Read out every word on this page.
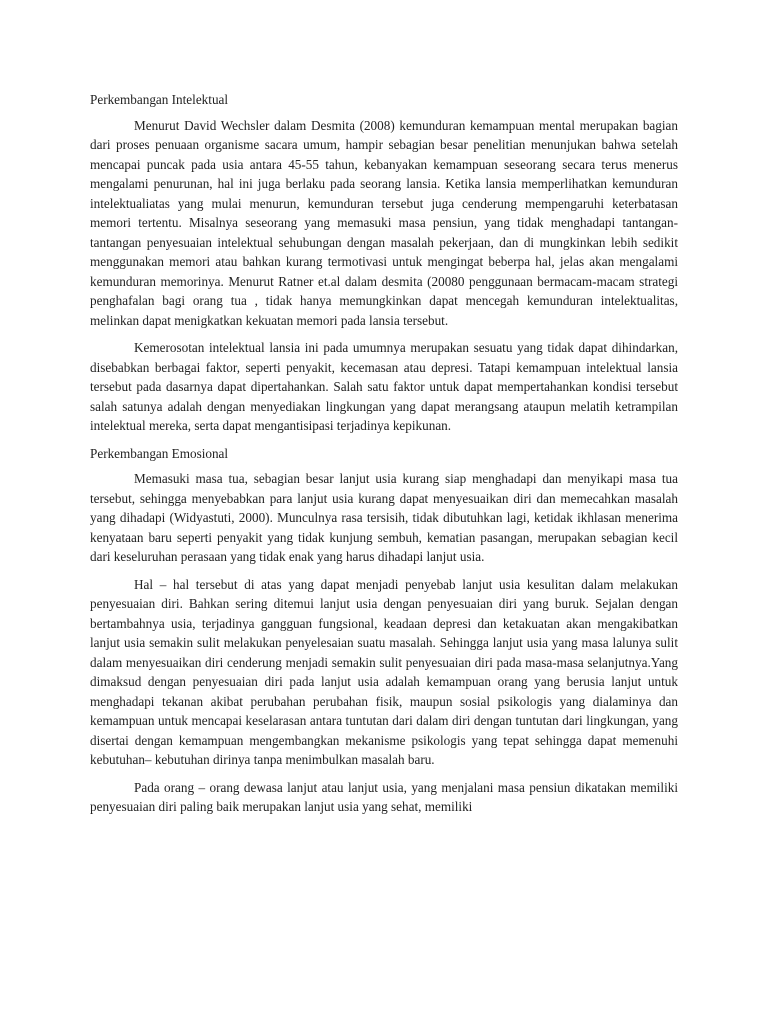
Perkembangan Intelektual

Menurut David Wechsler dalam Desmita (2008) kemunduran kemampuan mental merupakan bagian dari proses penuaan organisme sacara umum, hampir sebagian besar penelitian menunjukan bahwa setelah mencapai puncak pada usia antara 45-55 tahun, kebanyakan kemampuan seseorang secara terus menerus mengalami penurunan, hal ini juga berlaku pada seorang lansia. Ketika lansia memperlihatkan kemunduran intelektualiatas yang mulai menurun, kemunduran tersebut juga cenderung mempengaruhi keterbatasan memori tertentu. Misalnya seseorang yang memasuki masa pensiun, yang tidak menghadapi tantangan-tantangan penyesuaian intelektual sehubungan dengan masalah pekerjaan, dan di mungkinkan lebih sedikit menggunakan memori atau bahkan kurang termotivasi untuk mengingat beberpa hal, jelas akan mengalami kemunduran memorinya. Menurut Ratner et.al dalam desmita (20080 penggunaan bermacam-macam strategi penghafalan bagi orang tua , tidak hanya memungkinkan dapat mencegah kemunduran intelektualitas, melinkan dapat menigkatkan kekuatan memori pada lansia tersebut.

Kemerosotan intelektual lansia ini pada umumnya merupakan sesuatu yang tidak dapat dihindarkan, disebabkan berbagai faktor, seperti penyakit, kecemasan atau depresi. Tatapi kemampuan intelektual lansia tersebut pada dasarnya dapat dipertahankan. Salah satu faktor untuk dapat mempertahankan kondisi tersebut salah satunya adalah dengan menyediakan lingkungan yang dapat merangsang ataupun melatih ketrampilan intelektual mereka, serta dapat mengantisipasi terjadinya kepikunan.

Perkembangan Emosional

Memasuki masa tua, sebagian besar lanjut usia kurang siap menghadapi dan menyikapi masa tua tersebut, sehingga menyebabkan para lanjut usia kurang dapat menyesuaikan diri dan memecahkan masalah yang dihadapi (Widyastuti, 2000). Munculnya rasa tersisih, tidak dibutuhkan lagi, ketidak ikhlasan menerima kenyataan baru seperti penyakit yang tidak kunjung sembuh, kematian pasangan, merupakan sebagian kecil dari keseluruhan perasaan yang tidak enak yang harus dihadapi lanjut usia.

Hal – hal tersebut di atas yang dapat menjadi penyebab lanjut usia kesulitan dalam melakukan penyesuaian diri. Bahkan sering ditemui lanjut usia dengan penyesuaian diri yang buruk. Sejalan dengan bertambahnya usia, terjadinya gangguan fungsional, keadaan depresi dan ketakuatan akan mengakibatkan lanjut usia semakin sulit melakukan penyelesaian suatu masalah. Sehingga lanjut usia yang masa lalunya sulit dalam menyesuaikan diri cenderung menjadi semakin sulit penyesuaian diri pada masa-masa selanjutnya.Yang dimaksud dengan penyesuaian diri pada lanjut usia adalah kemampuan orang yang berusia lanjut untuk menghadapi tekanan akibat perubahan perubahan fisik, maupun sosial psikologis yang dialaminya dan kemampuan untuk mencapai keselarasan antara tuntutan dari dalam diri dengan tuntutan dari lingkungan, yang disertai dengan kemampuan mengembangkan mekanisme psikologis yang tepat sehingga dapat memenuhi kebutuhan– kebutuhan dirinya tanpa menimbulkan masalah baru.

Pada orang – orang dewasa lanjut atau lanjut usia, yang menjalani masa pensiun dikatakan memiliki penyesuaian diri paling baik merupakan lanjut usia yang sehat, memiliki
